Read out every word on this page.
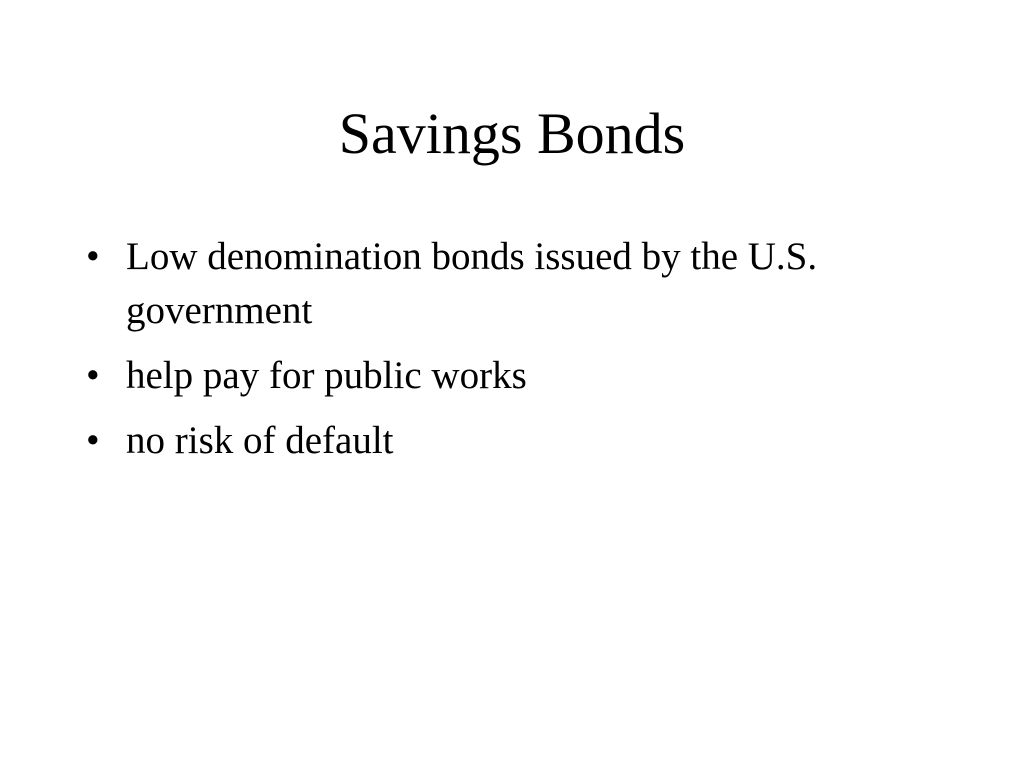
Savings Bonds
• Low denomination bonds issued by the U.S. government
• help pay for public works
• no risk of default
